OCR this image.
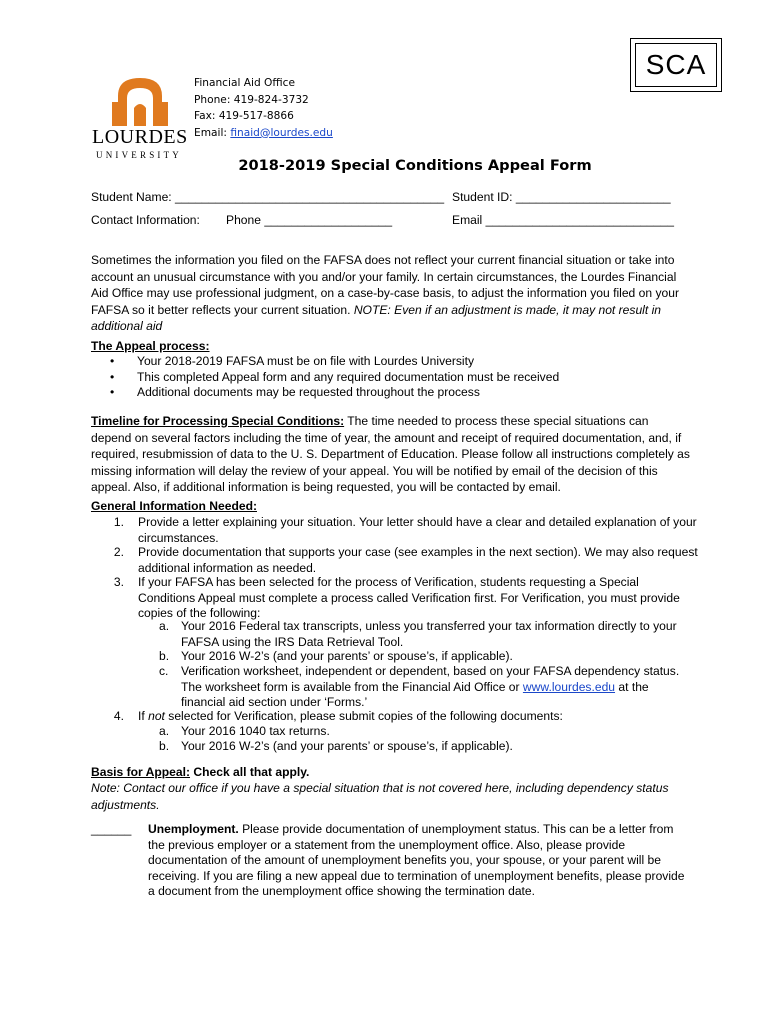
SCA
LOURDES
UNIVERSITY
Financial Aid Office
Phone: 419-824-3732
Fax: 419-517-8866
Email: finaid@lourdes.edu
2018-2019 Special Conditions Appeal Form
Student Name: ________________________________________ Student ID: _______________________
Contact Information: Phone ___________________	Email ____________________________
Sometimes the information you filed on the FAFSA does not reflect your current financial situation or take into account an unusual circumstance with you and/or your family. In certain circumstances, the Lourdes Financial Aid Office may use professional judgment, on a case-by-case basis, to adjust the information you filed on your FAFSA so it better reflects your current situation. NOTE: Even if an adjustment is made, it may not result in additional aid
The Appeal process:
• Your 2018-2019 FAFSA must be on file with Lourdes University
• This completed Appeal form and any required documentation must be received
• Additional documents may be requested throughout the process
Timeline for Processing Special Conditions: The time needed to process these special situations can depend on several factors including the time of year, the amount and receipt of required documentation, and, if required, resubmission of data to the U. S. Department of Education. Please follow all instructions completely as missing information will delay the review of your appeal. You will be notified by email of the decision of this appeal. Also, if additional information is being requested, you will be contacted by email.
General Information Needed:
1. Provide a letter explaining your situation. Your letter should have a clear and detailed explanation of your circumstances.
2. Provide documentation that supports your case (see examples in the next section). We may also request additional information as needed.
3. If your FAFSA has been selected for the process of Verification, students requesting a Special Conditions Appeal must complete a process called Verification first. For Verification, you must provide copies of the following:
a. Your 2016 Federal tax transcripts, unless you transferred your tax information directly to your FAFSA using the IRS Data Retrieval Tool.
b. Your 2016 W-2’s (and your parents’ or spouse’s, if applicable).
c. Verification worksheet, independent or dependent, based on your FAFSA dependency status. The worksheet form is available from the Financial Aid Office or www.lourdes.edu at the financial aid section under ‘Forms.’
4. If not selected for Verification, please submit copies of the following documents:
a. Your 2016 1040 tax returns.
b. Your 2016 W-2’s (and your parents’ or spouse’s, if applicable).
Basis for Appeal: Check all that apply.
Note: Contact our office if you have a special situation that is not covered here, including dependency status adjustments.
______ Unemployment. Please provide documentation of unemployment status. This can be a letter from the previous employer or a statement from the unemployment office. Also, please provide documentation of the amount of unemployment benefits you, your spouse, or your parent will be receiving. If you are filing a new appeal due to termination of unemployment benefits, please provide a document from the unemployment office showing the termination date.
